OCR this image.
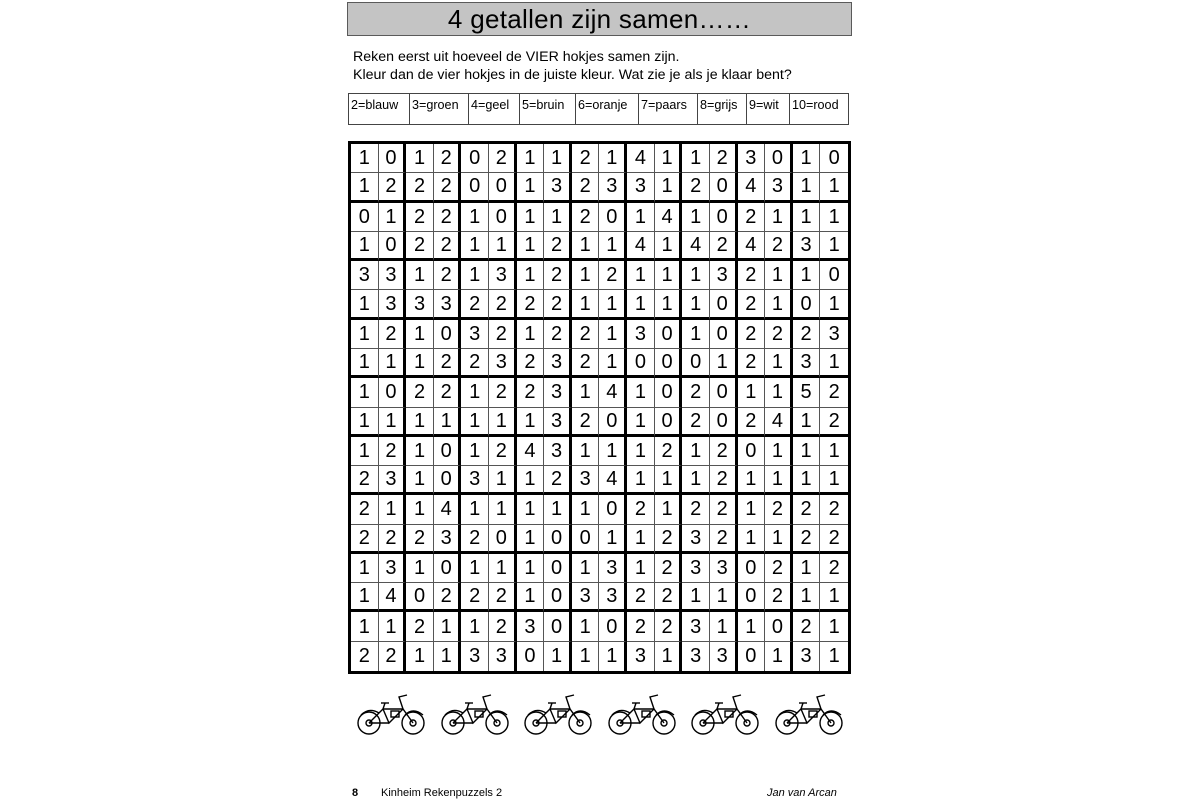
4 getallen zijn samen……
Reken eerst uit hoeveel de VIER hokjes samen zijn.
Kleur dan de vier hokjes in de juiste kleur. Wat zie je als je klaar bent?
2=blauw	3=groen 4=geel	5=bruin	6=oranje	7=paars	8=grijs 9=wit	10=rood
1 0 1 2 0 2 1 1 2 1 4 1 1 2 3 0 1 0
1 2 2 2 0 0 1 3 2 3 3 1 2 0 4 3 1 1
0 1 2 2 1 0 1 1 2 0 1 4 1 0 2 1 1 1
1 0 2 2 1 1 1 2 1 1 4 1 4 2 4 2 3 1
3 3 1 2 1 3 1 2 1 2 1 1 1 3 2 1 1 0
1 3 3 3 2 2 2 2 1 1 1 1 1 0 2 1 0 1
1 2 1 0 3 2 1 2 2 1 3 0 1 0 2 2 2 3
1 1 1 2 2 3 2 3 2 1 0 0 0 1 2 1 3 1
1 0 2 2 1 2 2 3 1 4 1 0 2 0 1 1 5 2
1 1 1 1 1 1 1 3 2 0 1 0 2 0 2 4 1 2
1 2 1 0 1 2 4 3 1 1 1 2 1 2 0 1 1 1
2 3 1 0 3 1 1 2 3 4 1 1 1 2 1 1 1 1
2 1 1 4 1 1 1 1 1 0 2 1 2 2 1 2 2 2
2 2 2 3 2 0 1 0 0 1 1 2 3 2 1 1 2 2
1 3 1 0 1 1 1 0 1 3 1 2 3 3 0 2 1 2
1 4 0 2 2 2 1 0 3 3 2 2 1 1 0 2 1 1
1 1 2 1 1 2 3 0 1 0 2 2 3 1 1 0 2 1
2 2 1 1 3 3 0 1 1 1 3 1 3 3 0 1 3 1
8 Kinheim Rekenpuzzels 2	Jan van Arcan
